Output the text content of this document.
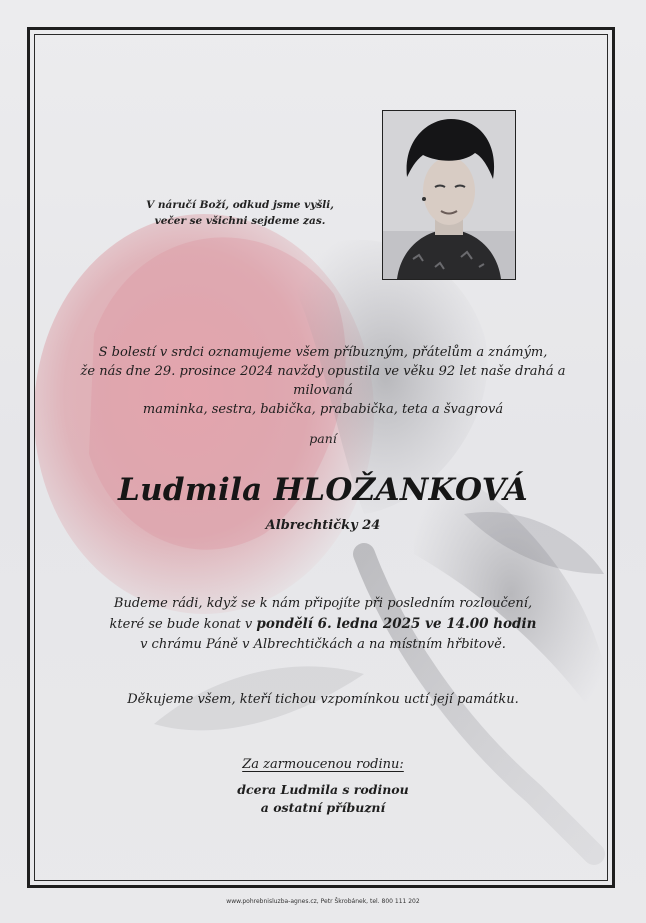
V náručí Boží, odkud jsme vyšli,
večer se všichni sejdeme zas.
S bolestí v srdci oznamujeme všem příbuzným, přátelům a známým,
že nás dne 29. prosince 2024 navždy opustila ve věku 92 let naše drahá a milovaná
maminka, sestra, babička, prababička, teta a švagrová
paní
Ludmila HLOŽANKOVÁ
Albrechtičky 24
Budeme rádi, když se k nám připojíte při posledním rozloučení,
které se bude konat v pondělí 6. ledna 2025 ve 14.00 hodin
v chrámu Páně v Albrechtičkách a na místním hřbitově.
Děkujeme všem, kteří tichou vzpomínkou uctí její památku.
Za zarmoucenou rodinu:
dcera Ludmila s rodinou
a ostatní příbuzní
www.pohrebnisluzba-agnes.cz, Petr Škrobánek, tel. 800 111 202
